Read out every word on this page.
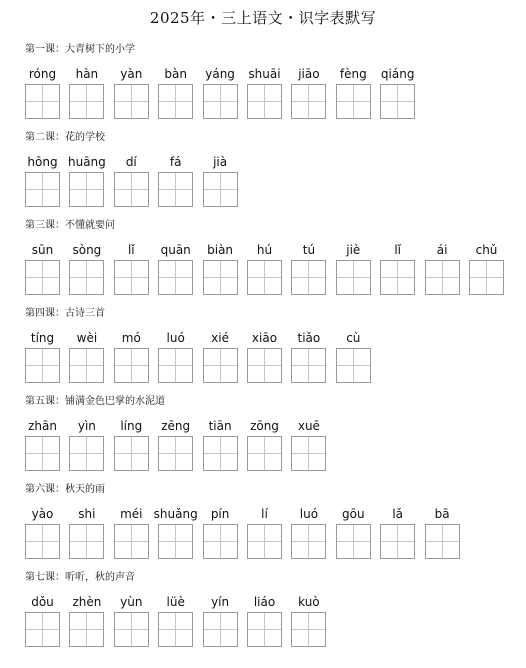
2025年・三上语文・识字表默写
第一课：大青树下的小学
róng	hàn	yàn	bàn	yáng	shuāi	jiāo	fèng	qiáng
第二课：花的学校
hōng huāng	dí	fá	jià
第三课：不懂就要问
sūn	sòng	lǐ	quān	biàn	hú	tú	jiè	lǐ	ái	chǔ
第四课：古诗三首
tíng	wèi	mó	luó	xié	xiāo	tiǎo	cù
第五课：铺满金色巴掌的水泥道
zhān	yìn	líng	zēng	tiān	zōng	xuē
第六课：秋天的雨
yào	shi	méi shuǎng	pín	lí	luó	gōu	lǎ	bā
第七课：听听，秋的声音
dǒu	zhèn	yùn	lüè	yín	liáo	kuò
